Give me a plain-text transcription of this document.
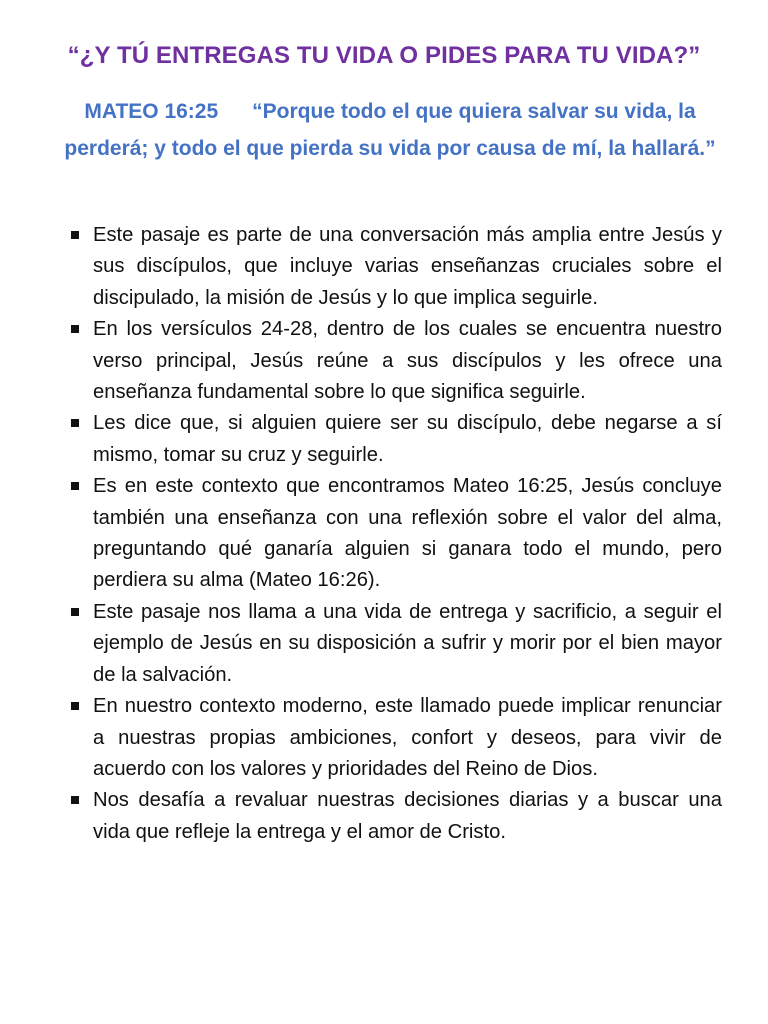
“¿Y TÚ ENTREGAS TU VIDA O PIDES PARA TU VIDA?”
MATEO 16:25 “Porque todo el que quiera salvar su vida, la perderá; y todo el que pierda su vida por causa de mí, la hallará.”
Este pasaje es parte de una conversación más amplia entre Jesús y sus discípulos, que incluye varias enseñanzas cruciales sobre el discipulado, la misión de Jesús y lo que implica seguirle.
En los versículos 24-28, dentro de los cuales se encuentra nuestro verso principal, Jesús reúne a sus discípulos y les ofrece una enseñanza fundamental sobre lo que significa seguirle.
Les dice que, si alguien quiere ser su discípulo, debe negarse a sí mismo, tomar su cruz y seguirle.
Es en este contexto que encontramos Mateo 16:25, Jesús concluye también una enseñanza con una reflexión sobre el valor del alma, preguntando qué ganaría alguien si ganara todo el mundo, pero perdiera su alma (Mateo 16:26).
Este pasaje nos llama a una vida de entrega y sacrificio, a seguir el ejemplo de Jesús en su disposición a sufrir y morir por el bien mayor de la salvación.
En nuestro contexto moderno, este llamado puede implicar renunciar a nuestras propias ambiciones, confort y deseos, para vivir de acuerdo con los valores y prioridades del Reino de Dios.
Nos desafía a revaluar nuestras decisiones diarias y a buscar una vida que refleje la entrega y el amor de Cristo.
